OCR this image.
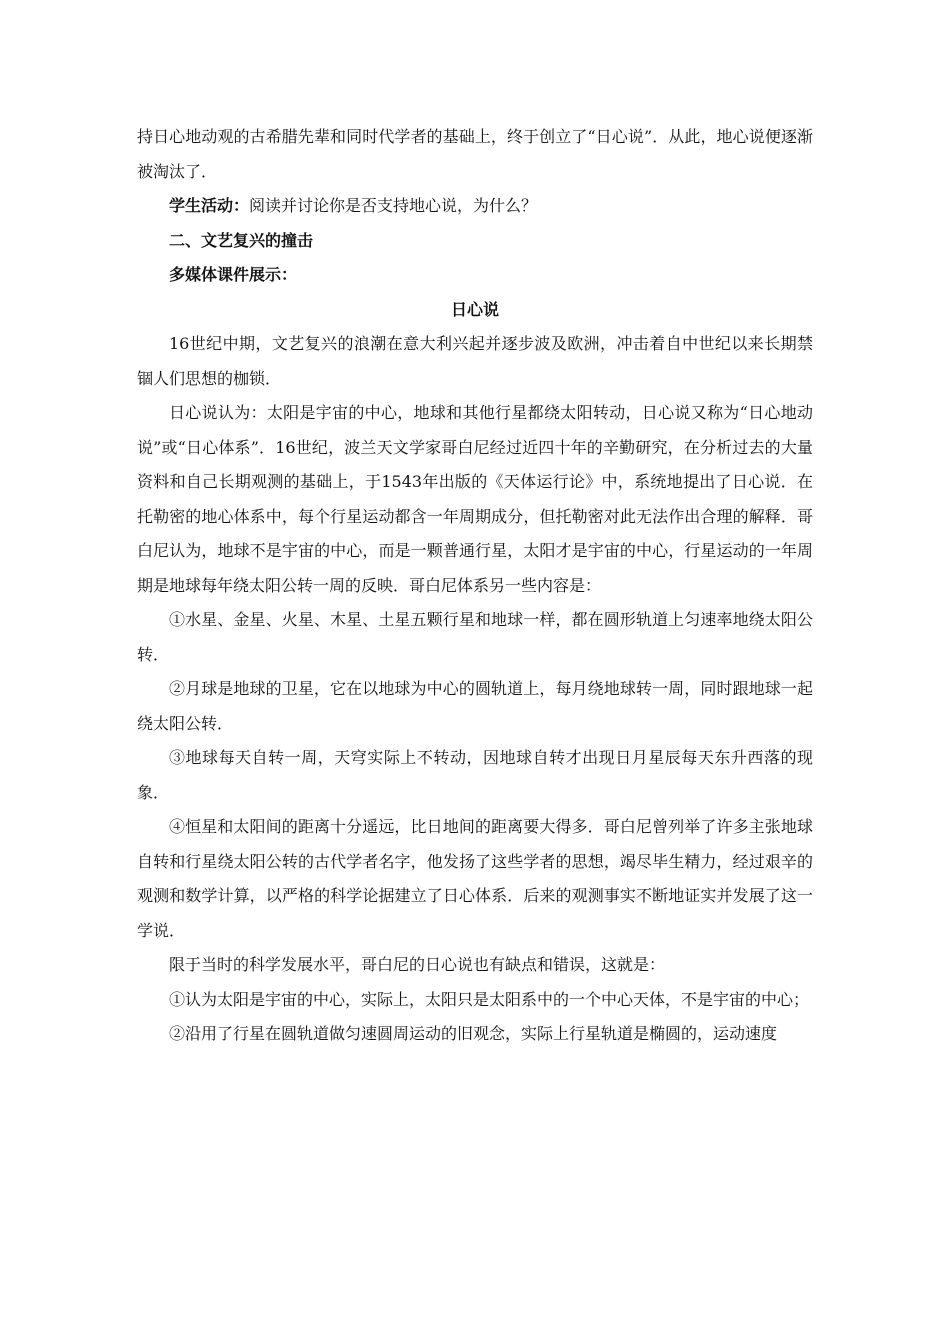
持日心地动观的古希腊先辈和同时代学者的基础上，终于创立了“日心说”．从此，地心说便逐渐被淘汰了．

学生活动：阅读并讨论你是否支持地心说，为什么？

二、文艺复兴的撞击

多媒体课件展示：

日心说

16世纪中期，文艺复兴的浪潮在意大利兴起并逐步波及欧洲，冲击着自中世纪以来长期禁锢人们思想的枷锁．

日心说认为：太阳是宇宙的中心，地球和其他行星都绕太阳转动，日心说又称为“日心地动说”或“日心体系”．16世纪，波兰天文学家哥白尼经过近四十年的辛勤研究，在分析过去的大量资料和自己长期观测的基础上，于1543年出版的《天体运行论》中，系统地提出了日心说．在托勒密的地心体系中，每个行星运动都含一年周期成分，但托勒密对此无法作出合理的解释．哥白尼认为，地球不是宇宙的中心，而是一颗普通行星，太阳才是宇宙的中心，行星运动的一年周期是地球每年绕太阳公转一周的反映．哥白尼体系另一些内容是：

①水星、金星、火星、木星、土星五颗行星和地球一样，都在圆形轨道上匀速率地绕太阳公转．

②月球是地球的卫星，它在以地球为中心的圆轨道上，每月绕地球转一周，同时跟地球一起绕太阳公转．

③地球每天自转一周，天穹实际上不转动，因地球自转才出现日月星辰每天东升西落的现象．

④恒星和太阳间的距离十分遥远，比日地间的距离要大得多．哥白尼曾列举了许多主张地球自转和行星绕太阳公转的古代学者名字，他发扬了这些学者的思想，竭尽毕生精力，经过艰辛的观测和数学计算，以严格的科学论据建立了日心体系．后来的观测事实不断地证实并发展了这一学说．

限于当时的科学发展水平，哥白尼的日心说也有缺点和错误，这就是：

①认为太阳是宇宙的中心，实际上，太阳只是太阳系中的一个中心天体，不是宇宙的中心；

②沿用了行星在圆轨道做匀速圆周运动的旧观念，实际上行星轨道是椭圆的，运动速度
